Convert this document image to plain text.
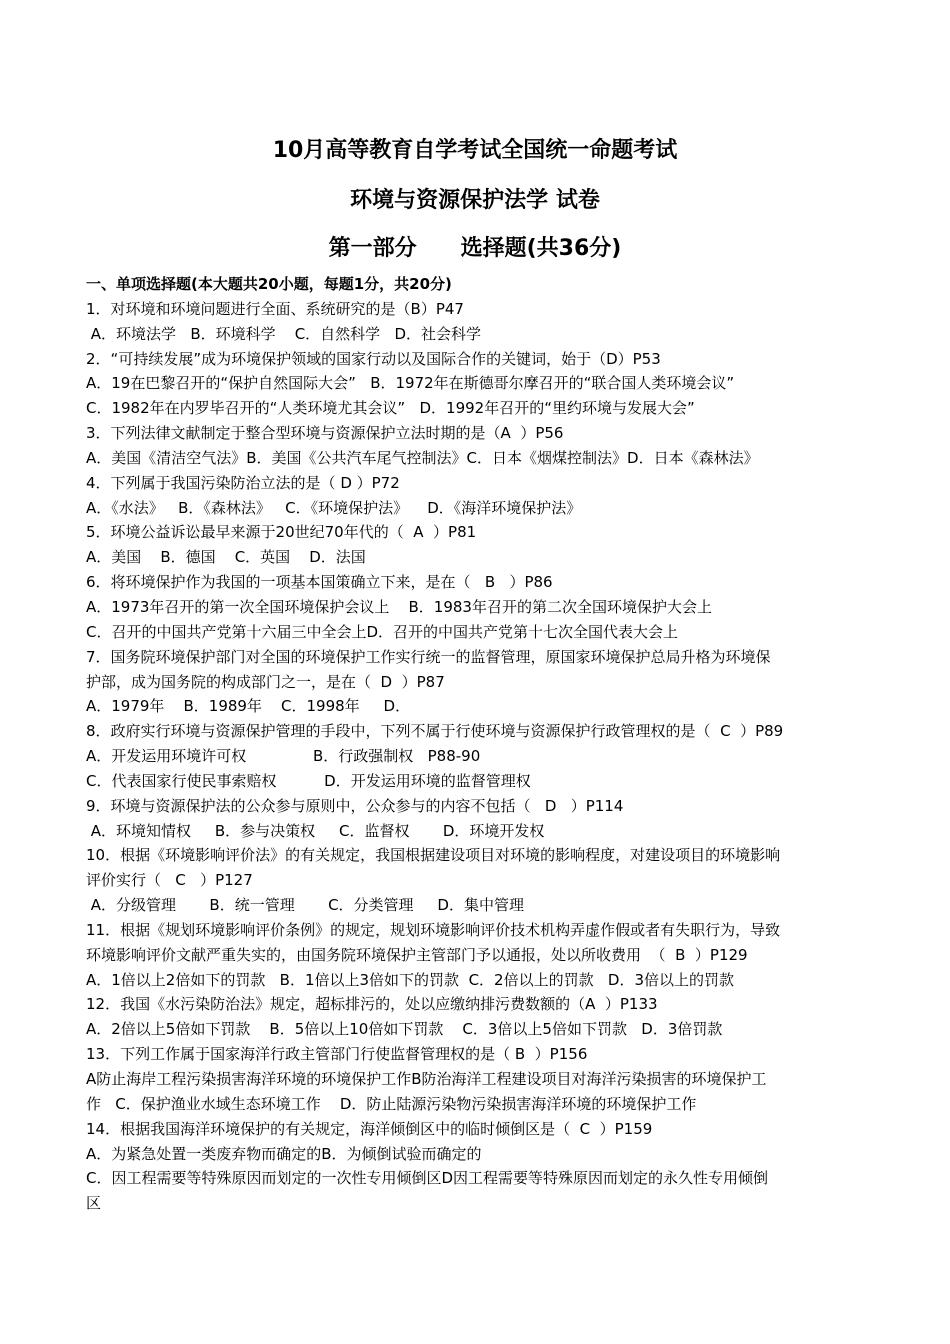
10月高等教育自学考试全国统一命题考试
环境与资源保护法学 试卷
第一部分　　选择题(共36分)
一、单项选择题(本大题共20小题，每题1分，共20分)
1．对环境和环境问题进行全面、系统研究的是（B）P47
A．环境法学   B．环境科学    C．自然科学   D．社会科学
2．“可持续发展”成为环境保护领域的国家行动以及国际合作的关键词，始于（D）P53
A．19在巴黎召开的“保护自然国际大会”   B．1972年在斯德哥尔摩召开的“联合国人类环境会议”
C．1982年在内罗毕召开的“人类环境尤其会议”   D．1992年召开的“里约环境与发展大会”
3．下列法律文献制定于整合型环境与资源保护立法时期的是（A  ）P56
A．美国《清洁空气法》B．美国《公共汽车尾气控制法》C．日本《烟煤控制法》D．日本《森林法》
4．下列属于我国污染防治立法的是（ D ）P72
A．《水法》   B．《森林法》   C．《环境保护法》    D．《海洋环境保护法》
5．环境公益诉讼最早来源于20世纪70年代的（  A  ）P81
A．美国    B．德国    C．英国    D．法国
6．将环境保护作为我国的一项基本国策确立下来，是在（   B   ）P86
A．1973年召开的第一次全国环境保护会议上    B．1983年召开的第二次全国环境保护大会上
C．召开的中国共产党第十六届三中全会上D．召开的中国共产党第十七次全国代表大会上
7．国务院环境保护部门对全国的环境保护工作实行统一的监督管理，原国家环境保护总局升格为环境保
护部，成为国务院的构成部门之一，是在（  D  ）P87
A．1979年    B．1989年    C．1998年     D．
8．政府实行环境与资源保护管理的手段中，下列不属于行使环境与资源保护行政管理权的是（  C  ）P89
A．开发运用环境许可权              B．行政强制权   P88-90
C．代表国家行使民事索赔权          D．开发运用环境的监督管理权
9．环境与资源保护法的公众参与原则中，公众参与的内容不包括（   D   ）P114
A．环境知情权     B．参与决策权     C．监督权       D．环境开发权
10．根据《环境影响评价法》的有关规定，我国根据建设项目对环境的影响程度，对建设项目的环境影响
评价实行（   C   ）P127
A．分级管理       B．统一管理       C．分类管理     D．集中管理
11．根据《规划环境影响评价条例》的规定，规划环境影响评价技术机构弄虚作假或者有失职行为，导致
环境影响评价文献严重失实的，由国务院环境保护主管部门予以通报，处以所收费用  （  B  ）P129
A．1倍以上2倍如下的罚款   B．1倍以上3倍如下的罚款  C．2倍以上的罚款   D．3倍以上的罚款
12．我国《水污染防治法》规定，超标排污的，处以应缴纳排污费数额的（A  ）P133
A．2倍以上5倍如下罚款    B．5倍以上10倍如下罚款    C．3倍以上5倍如下罚款   D．3倍罚款
13．下列工作属于国家海洋行政主管部门行使监督管理权的是（ B  ）P156
A防止海岸工程污染损害海洋环境的环境保护工作B防治海洋工程建设项目对海洋污染损害的环境保护工
作   C．保护渔业水域生态环境工作    D．防止陆源污染物污染损害海洋环境的环境保护工作
14．根据我国海洋环境保护的有关规定，海洋倾倒区中的临时倾倒区是（  C  ）P159
A．为紧急处置一类废弃物而确定的B．为倾倒试验而确定的
C．因工程需要等特殊原因而划定的一次性专用倾倒区D因工程需要等特殊原因而划定的永久性专用倾倒
区
